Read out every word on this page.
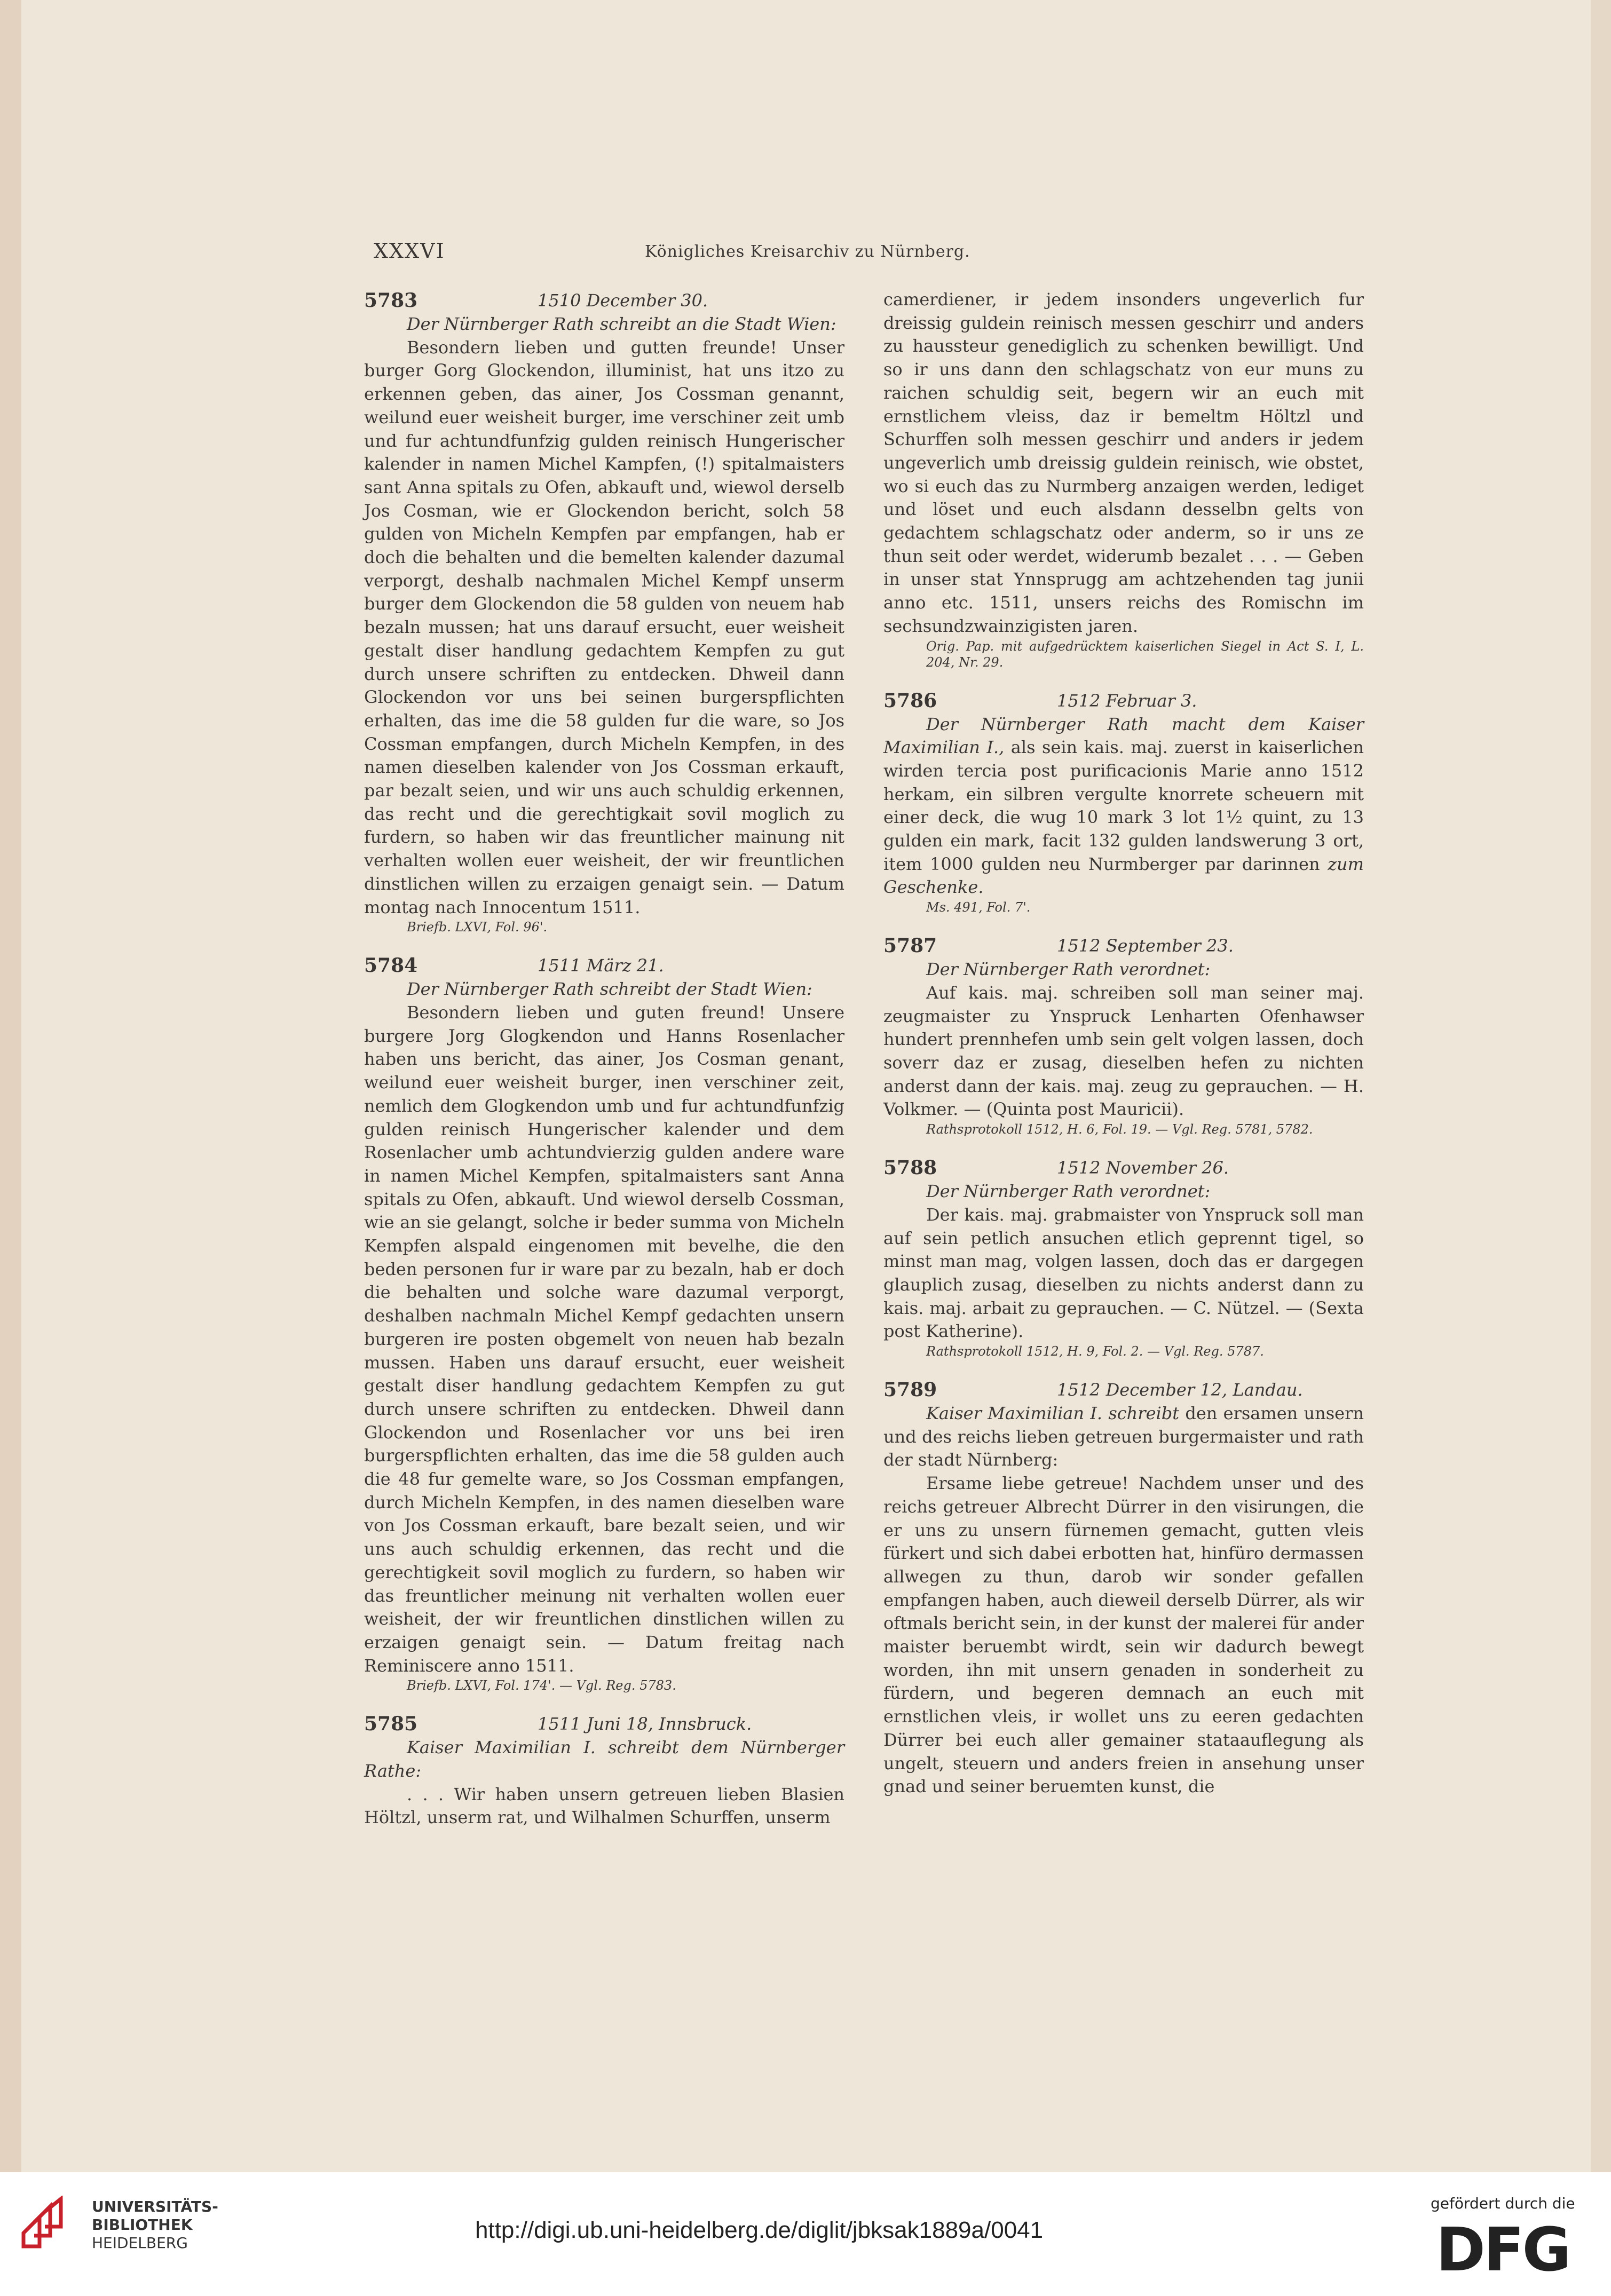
XXXVI	Königliches Kreisarchiv zu Nürnberg.
5783	1510 December 30.

Der Nürnberger Rath schreibt an die Stadt Wien:

Besondern lieben und gutten freunde! Unser burger Gorg Glockendon, illuminist, hat uns itzo zu erkennen geben, das ainer, Jos Cossman genannt, weilund euer weisheit burger, ime verschiner zeit umb und fur achtundfunfzig gulden reinisch Hungerischer kalender in namen Michel Kampfen, (!) spitalmaisters sant Anna spitals zu Ofen, abkauft und, wiewol derselb Jos Cosman, wie er Glockendon bericht, solch 58 gulden von Micheln Kempfen par empfangen, hab er doch die behalten und die bemelten kalender dazumal verporgt, deshalb nachmalen Michel Kempf unserm burger dem Glockendon die 58 gulden von neuem hab bezaln mussen; hat uns darauf ersucht, euer weisheit gestalt diser handlung gedachtem Kempfen zu gut durch unsere schriften zu entdecken. Dhweil dann Glockendon vor uns bei seinen burgerspflichten erhalten, das ime die 58 gulden fur die ware, so Jos Cossman empfangen, durch Micheln Kempfen, in des namen dieselben kalender von Jos Cossman erkauft, par bezalt seien, und wir uns auch schuldig erkennen, das recht und die gerechtigkait sovil moglich zu furdern, so haben wir das freuntlicher mainung nit verhalten wollen euer weisheit, der wir freuntlichen dinstlichen willen zu erzaigen genaigt sein. — Datum montag nach Innocentum 1511.

Briefb. LXVI, Fol. 96'.

5784	1511 März 21.

Der Nürnberger Rath schreibt der Stadt Wien:

Besondern lieben und guten freund! Unsere burgere Jorg Glogkendon und Hanns Rosenlacher haben uns bericht, das ainer, Jos Cosman genant, weilund euer weisheit burger, inen verschiner zeit, nemlich dem Glogkendon umb und fur achtundfunfzig gulden reinisch Hungerischer kalender und dem Rosenlacher umb achtundvierzig gulden andere ware in namen Michel Kempfen, spitalmaisters sant Anna spitals zu Ofen, abkauft. Und wiewol derselb Cossman, wie an sie gelangt, solche ir beder summa von Micheln Kempfen alspald eingenomen mit bevelhe, die den beden personen fur ir ware par zu bezaln, hab er doch die behalten und solche ware dazumal verporgt, deshalben nachmaln Michel Kempf gedachten unsern burgeren ire posten obgemelt von neuen hab bezaln mussen. Haben uns darauf ersucht, euer weisheit gestalt diser handlung gedachtem Kempfen zu gut durch unsere schriften zu entdecken. Dhweil dann Glockendon und Rosenlacher vor uns bei iren burgerspflichten erhalten, das ime die 58 gulden auch die 48 fur gemelte ware, so Jos Cossman empfangen, durch Micheln Kempfen, in des namen dieselben ware von Jos Cossman erkauft, bare bezalt seien, und wir uns auch schuldig erkennen, das recht und die gerechtigkeit sovil moglich zu furdern, so haben wir das freuntlicher meinung nit verhalten wollen euer weisheit, der wir freuntlichen dinstlichen willen zu erzaigen genaigt sein. — Datum freitag nach Reminiscere anno 1511.

Briefb. LXVI, Fol. 174'. — Vgl. Reg. 5783.

5785	1511 Juni 18, Innsbruck.

Kaiser Maximilian I. schreibt dem Nürnberger Rathe:

. . . Wir haben unsern getreuen lieben Blasien Höltzl, unserm rat, und Wilhalmen Schurffen, unserm

camerdiener, ir jedem insonders ungeverlich fur dreissig guldein reinisch messen geschirr und anders zu haussteur genediglich zu schenken bewilligt. Und so ir uns dann den schlagschatz von eur muns zu raichen schuldig seit, begern wir an euch mit ernstlichem vleiss, daz ir bemeltm Höltzl und Schurffen solh messen geschirr und anders ir jedem ungeverlich umb dreissig guldein reinisch, wie obstet, wo si euch das zu Nurmberg anzaigen werden, lediget und löset und euch alsdann desselbn gelts von gedachtem schlagschatz oder anderm, so ir uns ze thun seit oder werdet, widerumb bezalet . . . — Geben in unser stat Ynnsprugg am achtzehenden tag junii anno etc. 1511, unsers reichs des Romischn im sechsundzwainzigisten jaren.

Orig. Pap. mit aufgedrücktem kaiserlichen Siegel in Act S. I, L. 204, Nr. 29.

5786	1512 Februar 3.

Der Nürnberger Rath macht dem Kaiser Maximilian I., als sein kais. maj. zuerst in kaiserlichen wirden tercia post purificacionis Marie anno 1512 herkam, ein silbren vergulte knorrete scheuern mit einer deck, die wug 10 mark 3 lot 1½ quint, zu 13 gulden ein mark, facit 132 gulden landswerung 3 ort, item 1000 gulden neu Nurmberger par darinnen zum Geschenke.

Ms. 491, Fol. 7'.

5787	1512 September 23.

Der Nürnberger Rath verordnet:

Auf kais. maj. schreiben soll man seiner maj. zeugmaister zu Ynspruck Lenharten Ofenhawser hundert prennhefen umb sein gelt volgen lassen, doch soverr daz er zusag, dieselben hefen zu nichten anderst dann der kais. maj. zeug zu geprauchen. — H. Volkmer. — (Quinta post Mauricii).

Rathsprotokoll 1512, H. 6, Fol. 19. — Vgl. Reg. 5781, 5782.

5788	1512 November 26.

Der Nürnberger Rath verordnet:

Der kais. maj. grabmaister von Ynspruck soll man auf sein petlich ansuchen etlich geprennt tigel, so minst man mag, volgen lassen, doch das er dargegen glauplich zusag, dieselben zu nichts anderst dann zu kais. maj. arbait zu geprauchen. — C. Nützel. — (Sexta post Katherine).

Rathsprotokoll 1512, H. 9, Fol. 2. — Vgl. Reg. 5787.

5789	1512 December 12, Landau.

Kaiser Maximilian I. schreibt den ersamen unsern und des reichs lieben getreuen burgermaister und rath der stadt Nürnberg:

Ersame liebe getreue! Nachdem unser und des reichs getreuer Albrecht Dürrer in den visirungen, die er uns zu unsern fürnemen gemacht, gutten vleis fürkert und sich dabei erbotten hat, hinfüro dermassen allwegen zu thun, darob wir sonder gefallen empfangen haben, auch dieweil derselb Dürrer, als wir oftmals bericht sein, in der kunst der malerei für ander maister beruembt wirdt, sein wir dadurch bewegt worden, ihn mit unsern genaden in sonderheit zu fürdern, und begeren demnach an euch mit ernstlichen vleis, ir wollet uns zu eeren gedachten Dürrer bei euch aller gemainer stataauflegung als ungelt, steuern und anders freien in ansehung unser gnad und seiner beruemten kunst, die

UNIVERSITÄTS-
BIBLIOTHEK
HEIDELBERG	http://digi.ub.uni-heidelberg.de/diglit/jbksak1889a/0041
gefördert durch die
DFG
